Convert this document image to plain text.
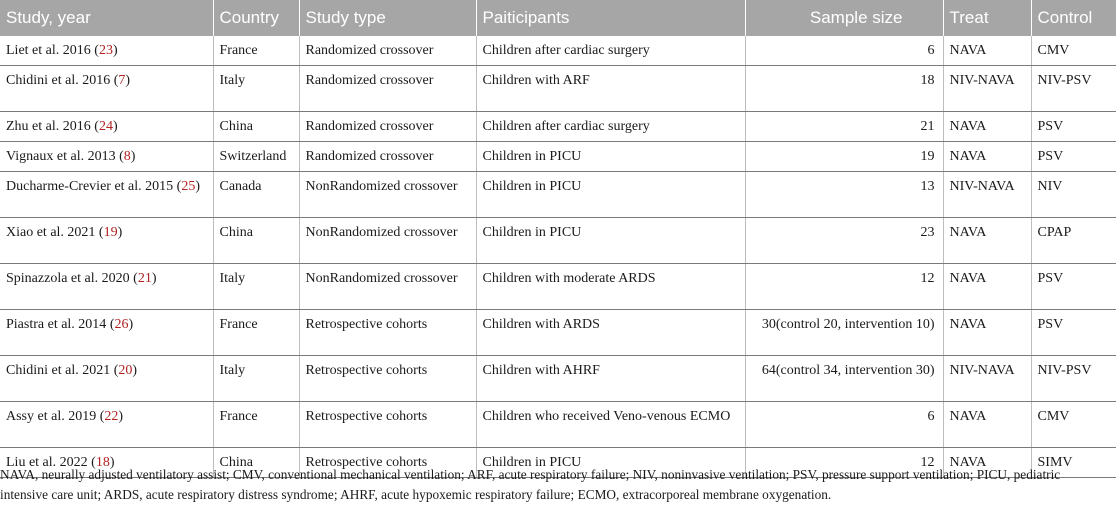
Study, year	Country	Study type	Paiticipants	Sample size	Treat	Control
Liet et al. 2016 (23)	France	Randomized crossover	Children after cardiac surgery	6	NAVA	CMV
Chidini et al. 2016 (7)	Italy	Randomized crossover	Children with ARF	18	NIV-NAVA	NIV-PSV
Zhu et al. 2016 (24)	China	Randomized crossover	Children after cardiac surgery	21	NAVA	PSV
Vignaux et al. 2013 (8)	Switzerland	Randomized crossover	Children in PICU	19	NAVA	PSV
Ducharme-Crevier et al. 2015 (25)	Canada	NonRandomized crossover	Children in PICU	13	NIV-NAVA	NIV
Xiao et al. 2021 (19)	China	NonRandomized crossover	Children in PICU	23	NAVA	CPAP
Spinazzola et al. 2020 (21)	Italy	NonRandomized crossover	Children with moderate ARDS	12	NAVA	PSV
Piastra et al. 2014 (26)	France	Retrospective cohorts	Children with ARDS	30(control 20, intervention 10)	NAVA	PSV
Chidini et al. 2021 (20)	Italy	Retrospective cohorts	Children with AHRF	64(control 34, intervention 30)	NIV-NAVA	NIV-PSV
Assy et al. 2019 (22)	France	Retrospective cohorts	Children who received Veno-venous ECMO	6	NAVA	CMV
Liu et al. 2022 (18)	China	Retrospective cohorts	Children in PICU	12	NAVA	SIMV
NAVA, neurally adjusted ventilatory assist; CMV, conventional mechanical ventilation; ARF, acute respiratory failure; NIV, noninvasive ventilation; PSV, pressure support ventilation; PICU, pediatric intensive care unit; ARDS, acute respiratory distress syndrome; AHRF, acute hypoxemic respiratory failure; ECMO, extracorporeal membrane oxygenation.
